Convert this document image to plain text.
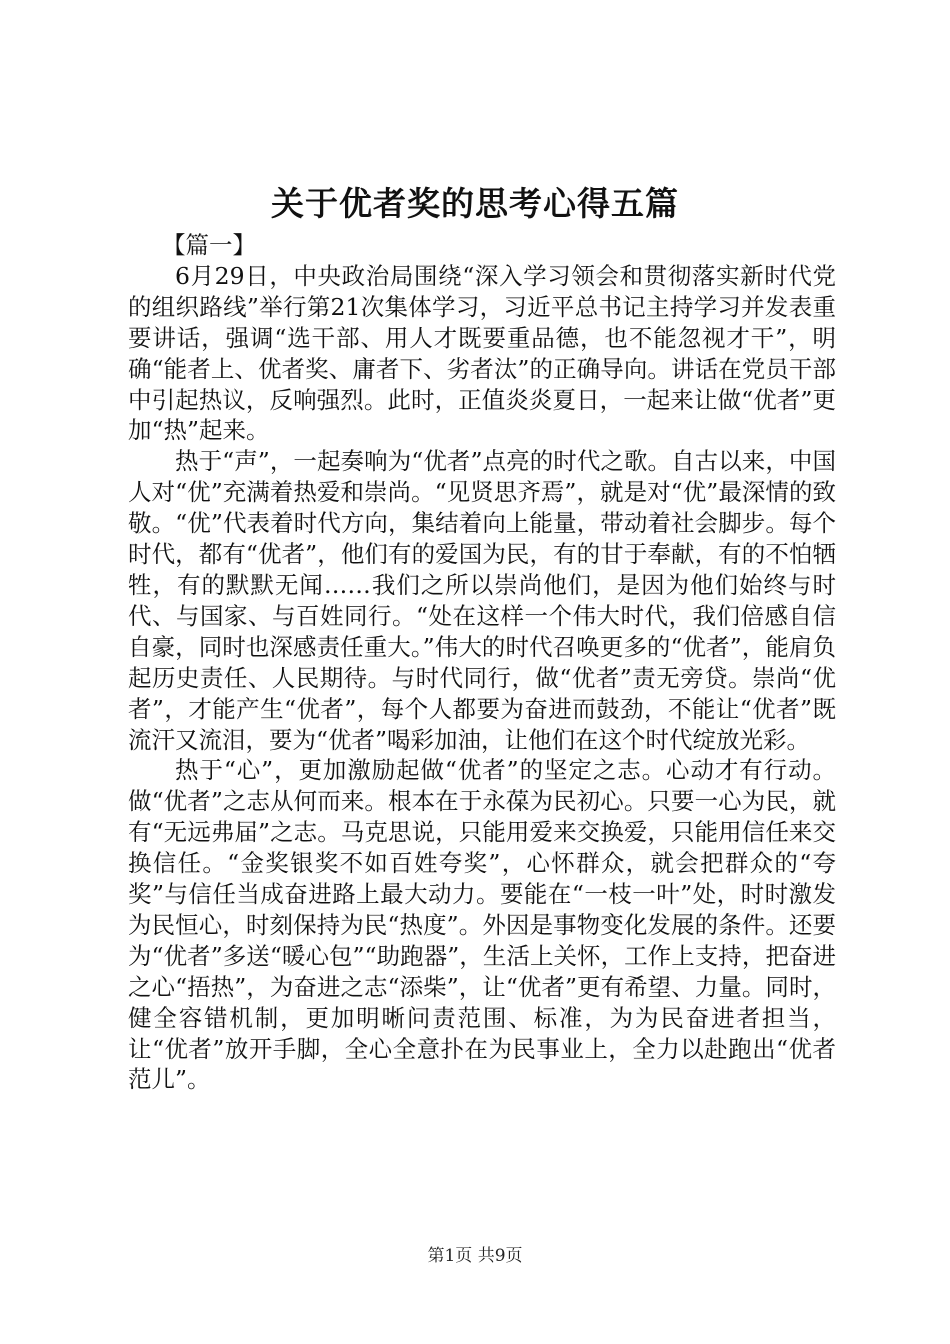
关于优者奖的思考心得五篇

【篇一】

6月29日，中央政治局围绕“深入学习领会和贯彻落实新时代党的组织路线”举行第21次集体学习，习近平总书记主持学习并发表重要讲话，强调“选干部、用人才既要重品德，也不能忽视才干”，明确“能者上、优者奖、庸者下、劣者汰”的正确导向。讲话在党员干部中引起热议，反响强烈。此时，正值炎炎夏日，一起来让做“优者”更加“热”起来。

热于“声”，一起奏响为“优者”点亮的时代之歌。自古以来，中国人对“优”充满着热爱和崇尚。“见贤思齐焉”，就是对“优”最深情的致敬。“优”代表着时代方向，集结着向上能量，带动着社会脚步。每个时代，都有“优者”，他们有的爱国为民，有的甘于奉献，有的不怕牺牲，有的默默无闻……我们之所以崇尚他们，是因为他们始终与时代、与国家、与百姓同行。“处在这样一个伟大时代，我们倍感自信自豪，同时也深感责任重大。”伟大的时代召唤更多的“优者”，能肩负起历史责任、人民期待。与时代同行，做“优者”责无旁贷。崇尚“优者”，才能产生“优者”，每个人都要为奋进而鼓劲，不能让“优者”既流汗又流泪，要为“优者”喝彩加油，让他们在这个时代绽放光彩。

热于“心”，更加激励起做“优者”的坚定之志。心动才有行动。做“优者”之志从何而来。根本在于永葆为民初心。只要一心为民，就有“无远弗届”之志。马克思说，只能用爱来交换爱，只能用信任来交换信任。“金奖银奖不如百姓夸奖”，心怀群众，就会把群众的“夸奖”与信任当成奋进路上最大动力。要能在“一枝一叶”处，时时激发为民恒心，时刻保持为民“热度”。外因是事物变化发展的条件。还要为“优者”多送“暖心包”“助跑器”，生活上关怀，工作上支持，把奋进之心“捂热”，为奋进之志“添柴”，让“优者”更有希望、力量。同时，健全容错机制，更加明晰问责范围、标准，为为民奋进者担当，让“优者”放开手脚，全心全意扑在为民事业上，全力以赴跑出“优者范儿”。

第1页 共9页
